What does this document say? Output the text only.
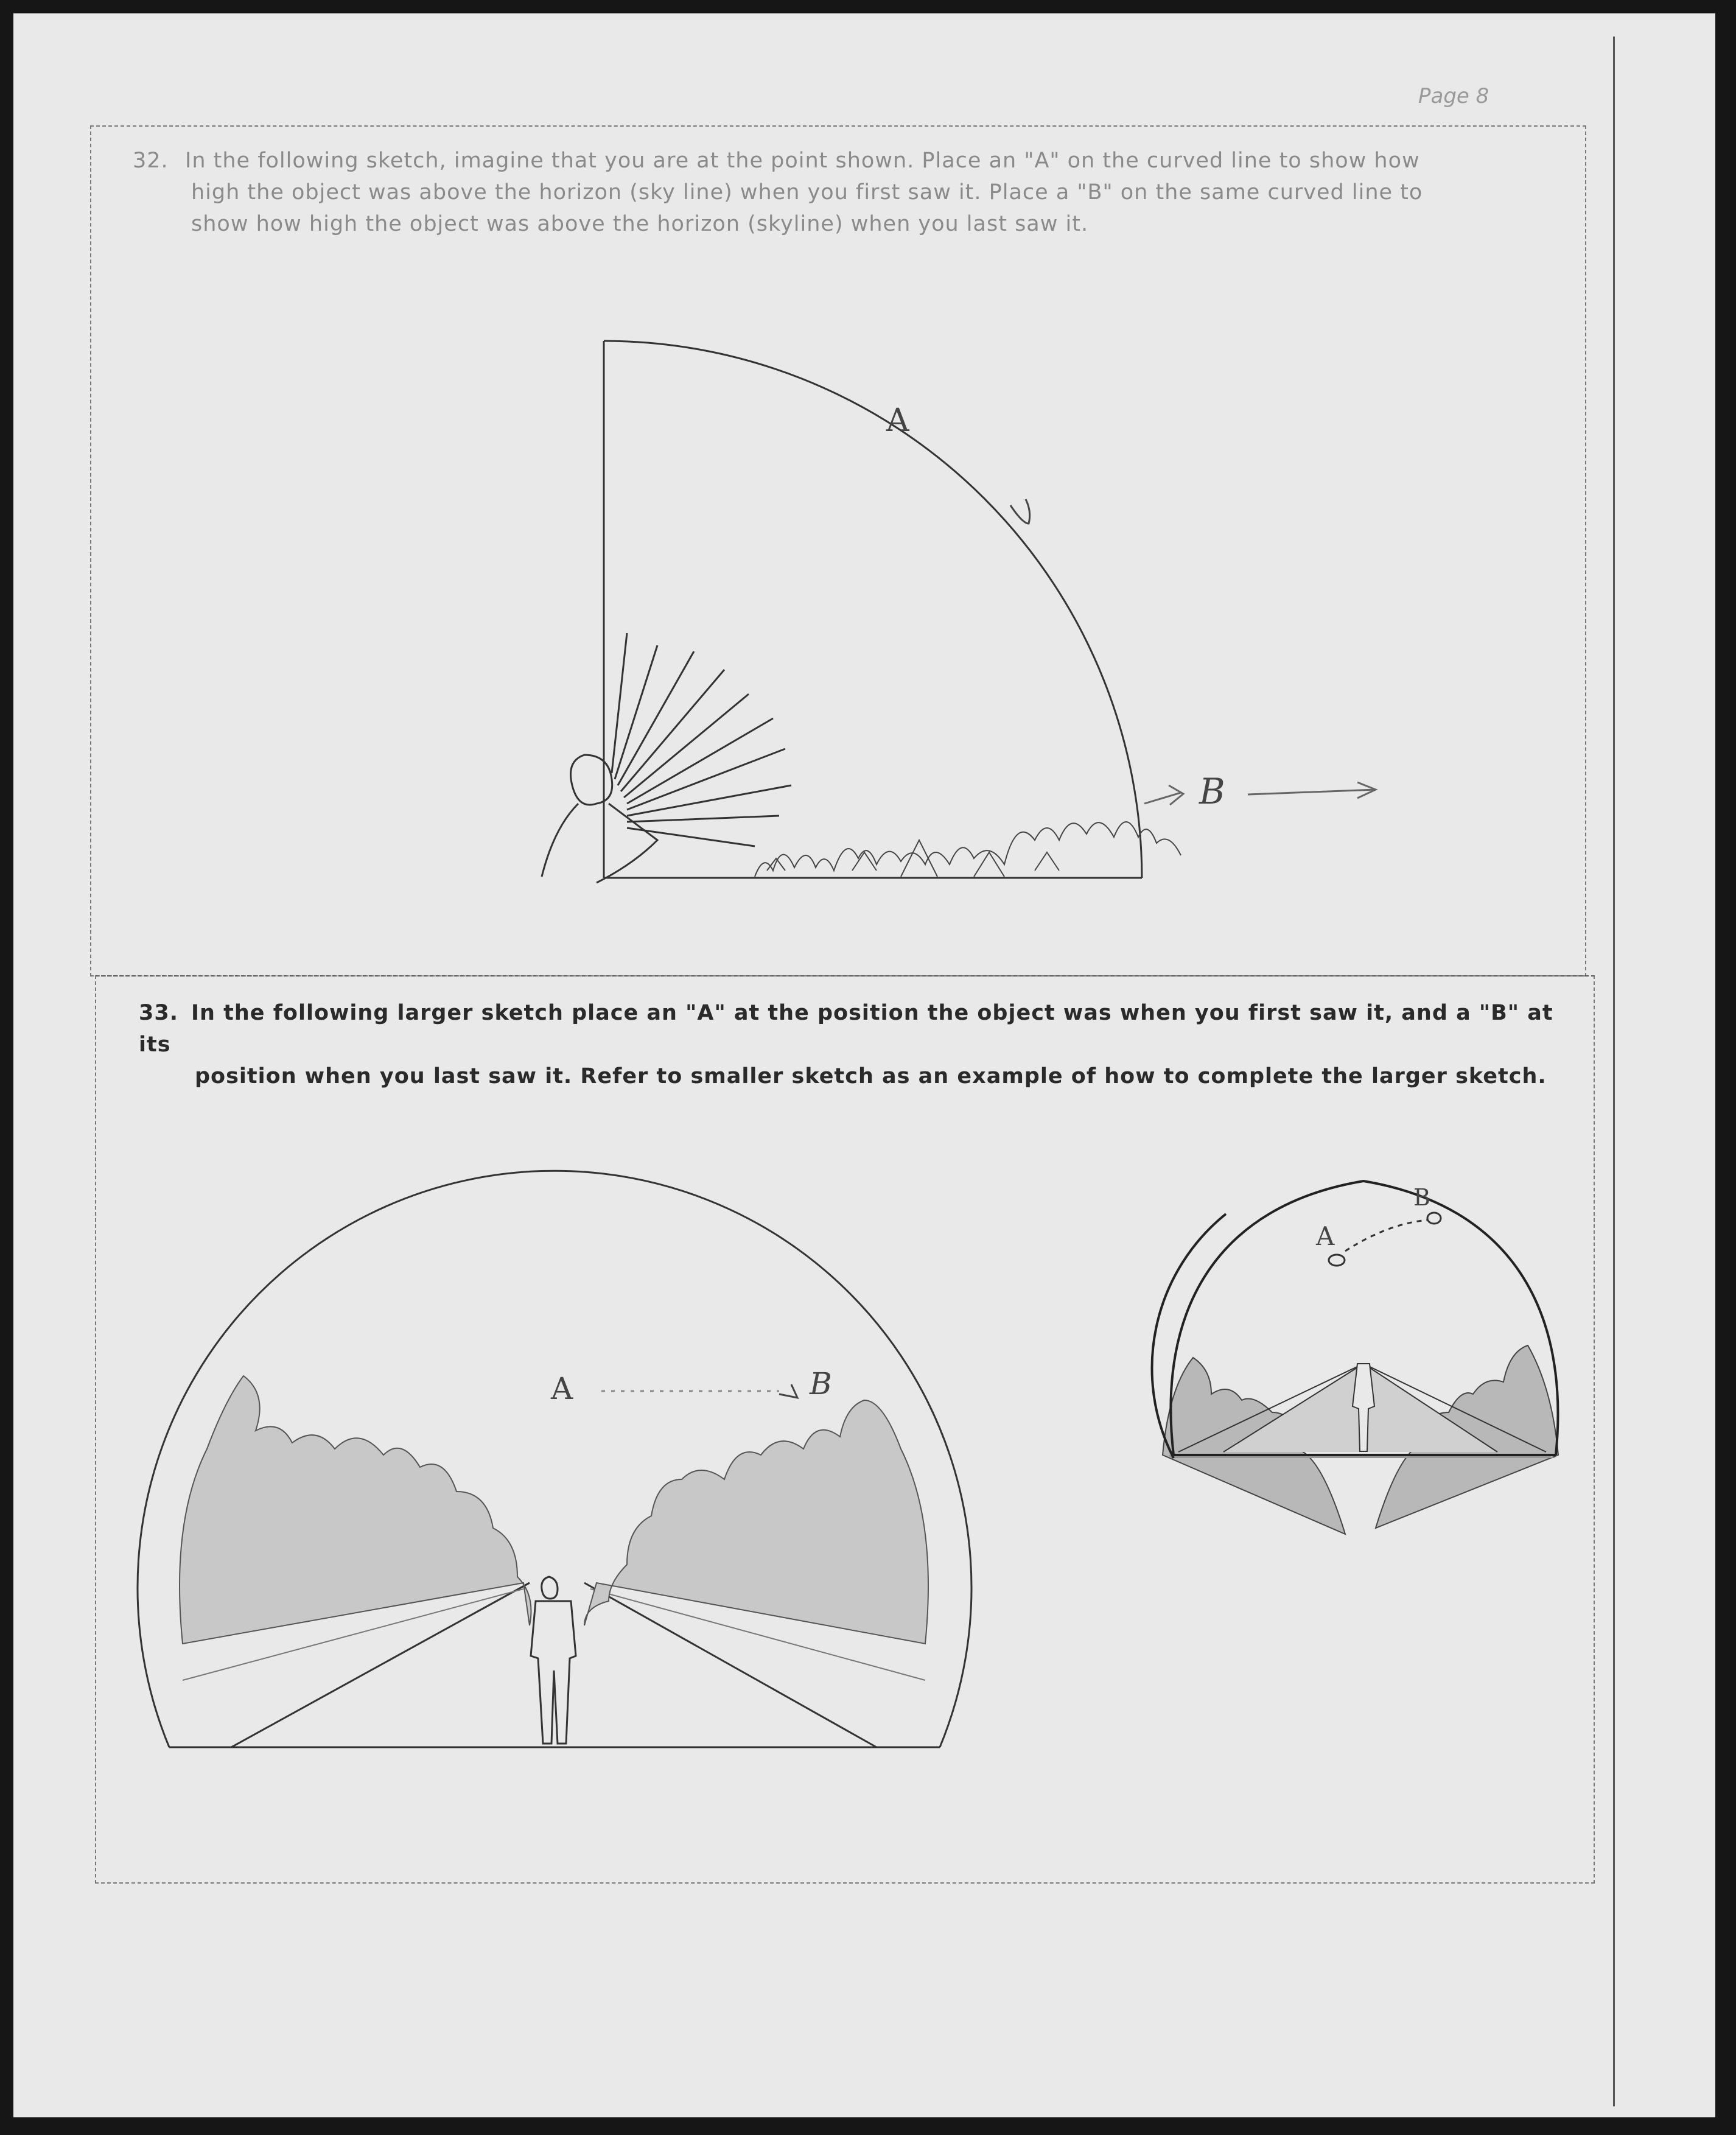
Page 8
32. In the following sketch, imagine that you are at the point shown. Place an "A" on the curved line to show how
high the object was above the horizon (sky line) when you first saw it. Place a "B" on the same curved line to
show how high the object was above the horizon (skyline) when you last saw it.
33. In the following larger sketch place an "A" at the position the object was when you first saw it, and a "B" at its
position when you last saw it. Refer to smaller sketch as an example of how to complete the larger sketch.
A
B
A	B
A
B
